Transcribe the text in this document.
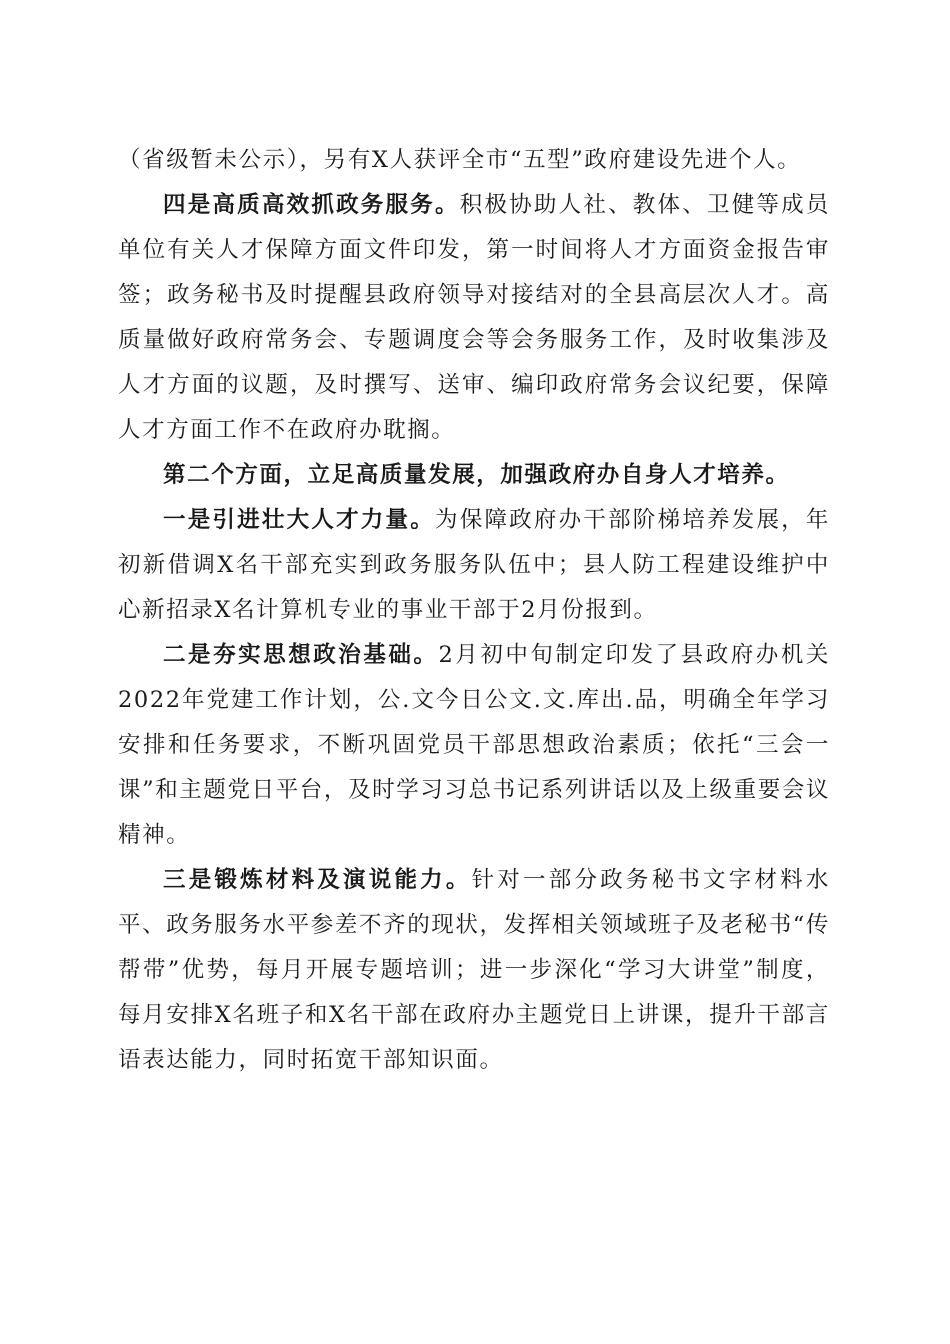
（省级暂未公示），另有X人获评全市“五型”政府建设先进个人。

四是高质高效抓政务服务。积极协助人社、教体、卫健等成员单位有关人才保障方面文件印发，第一时间将人才方面资金报告审签；政务秘书及时提醒县政府领导对接结对的全县高层次人才。高质量做好政府常务会、专题调度会等会务服务工作，及时收集涉及人才方面的议题，及时撰写、送审、编印政府常务会议纪要，保障人才方面工作不在政府办耽搁。

第二个方面，立足高质量发展，加强政府办自身人才培养。

一是引进壮大人才力量。为保障政府办干部阶梯培养发展，年初新借调X名干部充实到政务服务队伍中；县人防工程建设维护中心新招录X名计算机专业的事业干部于2月份报到。

二是夯实思想政治基础。2月初中旬制定印发了县政府办机关2022年党建工作计划，公.文今日公文.文.库出.品，明确全年学习安排和任务要求，不断巩固党员干部思想政治素质；依托“三会一课”和主题党日平台，及时学习习总书记系列讲话以及上级重要会议精神。

三是锻炼材料及演说能力。针对一部分政务秘书文字材料水平、政务服务水平参差不齐的现状，发挥相关领域班子及老秘书“传帮带”优势，每月开展专题培训；进一步深化“学习大讲堂”制度，每月安排X名班子和X名干部在政府办主题党日上讲课，提升干部言语表达能力，同时拓宽干部知识面。
